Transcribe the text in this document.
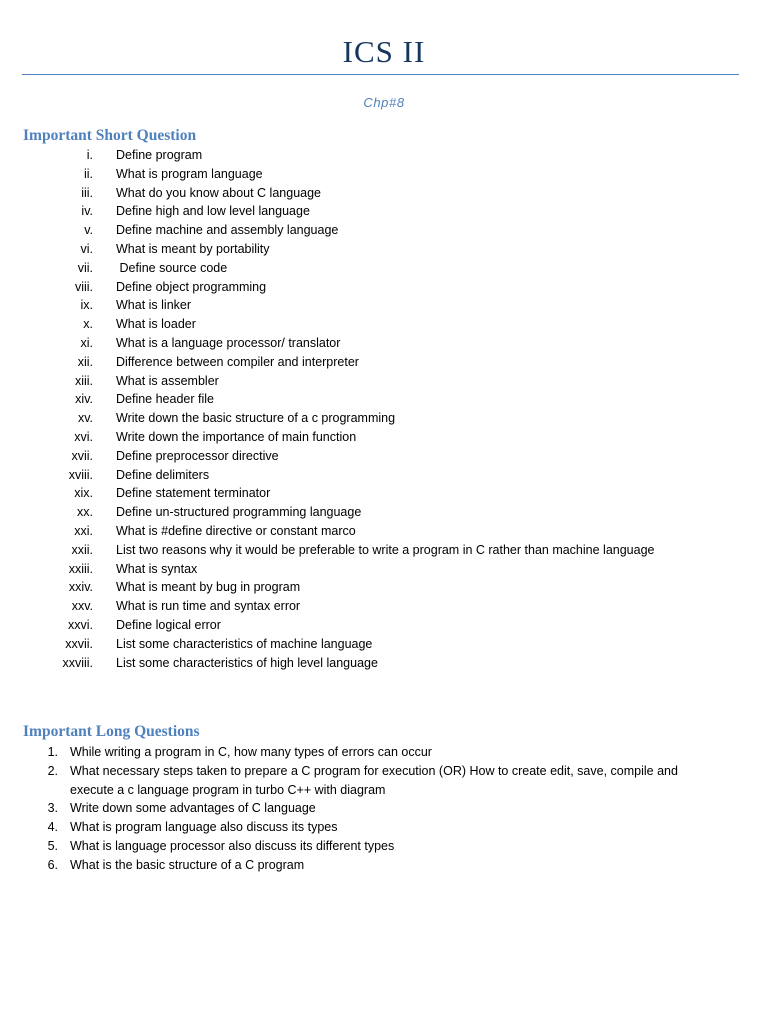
ICS II
Chp#8
Important Short Question
i. Define program
ii. What is program language
iii. What do you know about C language
iv. Define high and low level language
v. Define machine and assembly language
vi. What is meant by portability
vii. Define source code
viii. Define object programming
ix. What is linker
x. What is loader
xi. What is a language processor/ translator
xii. Difference between compiler and interpreter
xiii. What is assembler
xiv. Define header file
xv. Write down the basic structure of a c programming
xvi. Write down the importance of main function
xvii. Define preprocessor directive
xviii. Define delimiters
xix. Define statement terminator
xx. Define un-structured programming language
xxi. What is #define directive or constant marco
xxii. List two reasons why it would be preferable to write a program in C rather than machine language
xxiii. What is syntax
xxiv. What is meant by bug in program
xxv. What is run time and syntax error
xxvi. Define logical error
xxvii. List some characteristics of machine language
xxviii. List some characteristics of high level language
Important Long Questions
1. While writing a program in C, how many types of errors can occur
2. What necessary steps taken to prepare a C program for execution (OR) How to create edit, save, compile and execute a c language program in turbo C++ with diagram
3. Write down some advantages of C language
4. What is program language also discuss its types
5. What is language processor also discuss its different types
6. What is the basic structure of a C program
